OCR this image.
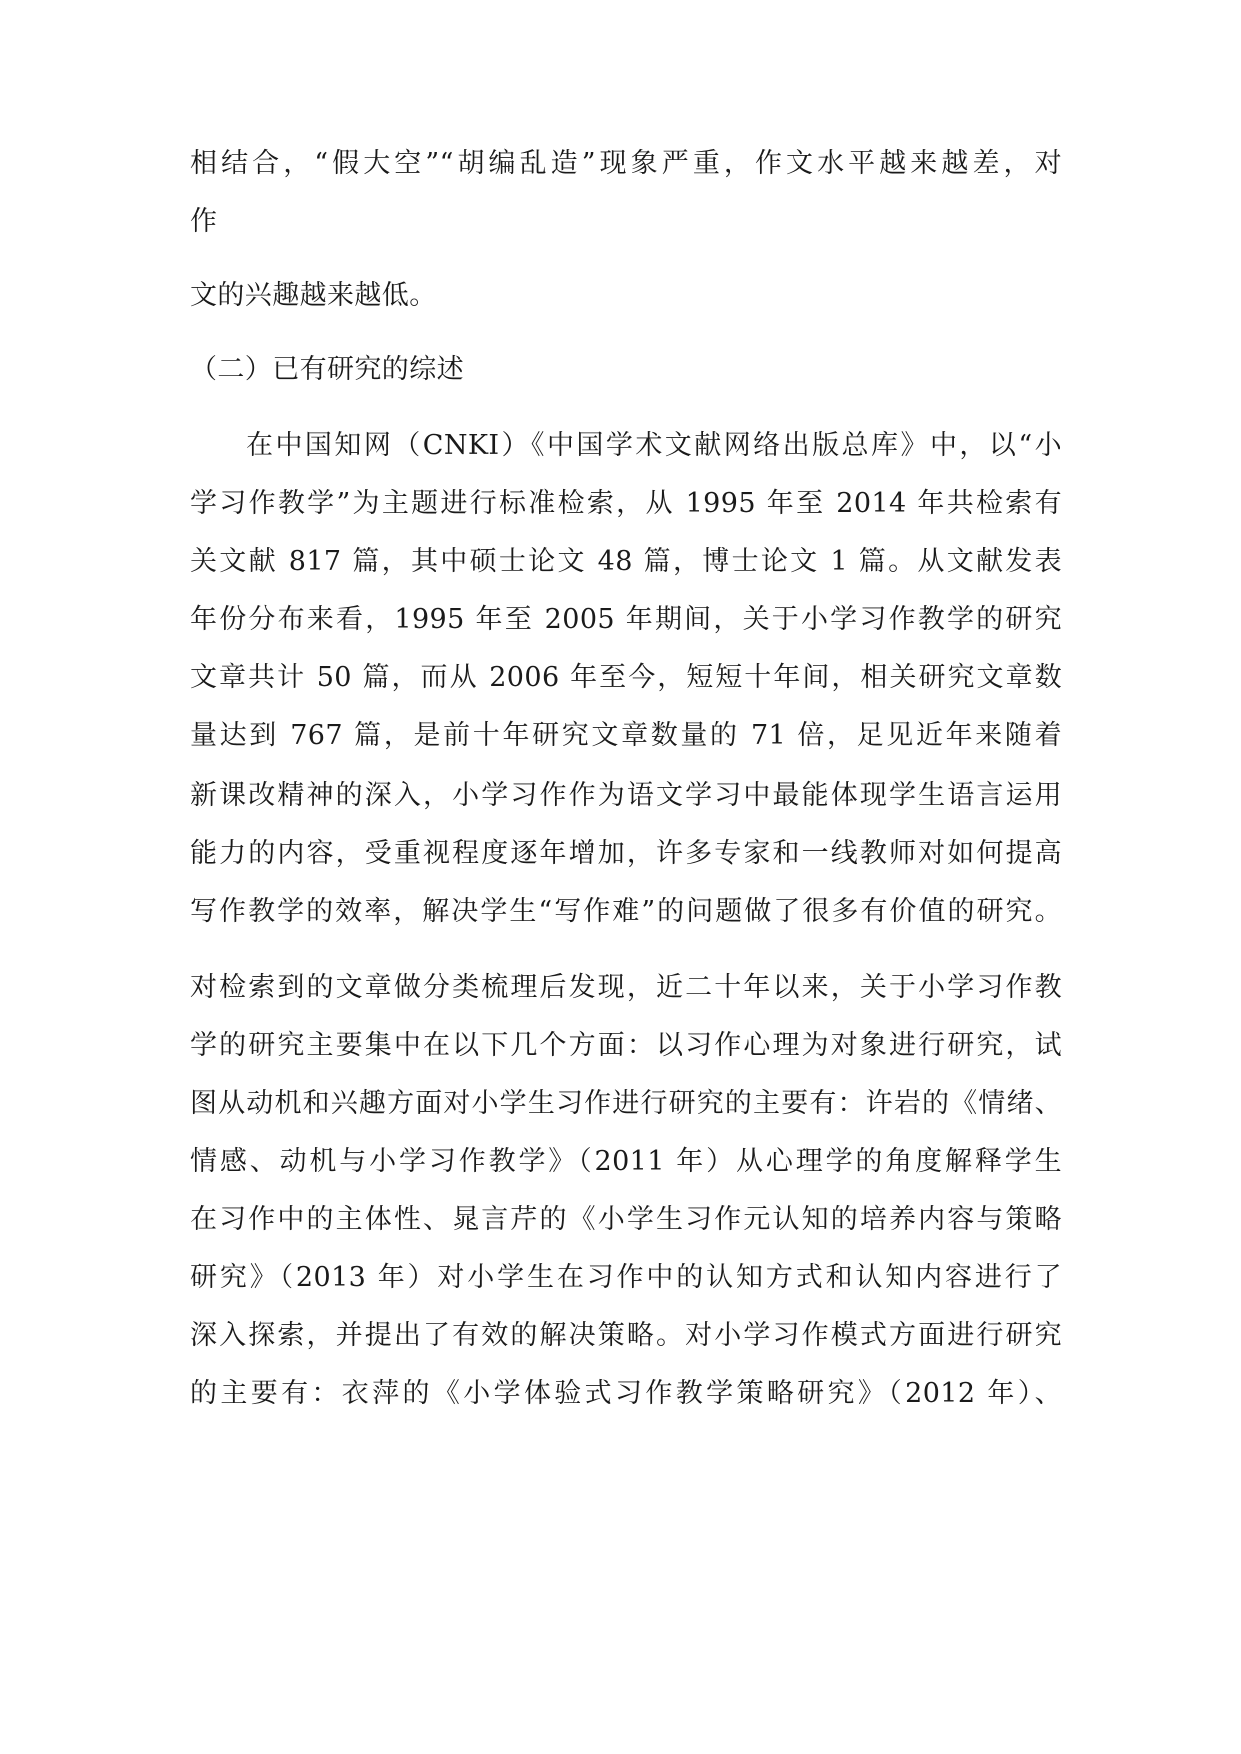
相结合，“假大空”“胡编乱造”现象严重，作文水平越来越差，对
作
文的兴趣越来越低。
（二）已有研究的综述
在中国知网（CNKI）《中国学术文献网络出版总库》中，以“小
学习作教学”为主题进行标准检索，从 1995 年至 2014 年共检索有
关文献 817 篇，其中硕士论文 48 篇，博士论文 1 篇。从文献发表
年份分布来看，1995 年至 2005 年期间，关于小学习作教学的研究
文章共计 50 篇，而从 2006 年至今，短短十年间，相关研究文章数
量达到 767 篇，是前十年研究文章数量的 71 倍，足见近年来随着
新课改精神的深入，小学习作作为语文学习中最能体现学生语言运用
能力的内容，受重视程度逐年增加，许多专家和一线教师对如何提高
写作教学的效率，解决学生“写作难”的问题做了很多有价值的研究。
对检索到的文章做分类梳理后发现，近二十年以来，关于小学习作教
学的研究主要集中在以下几个方面：以习作心理为对象进行研究，试
图从动机和兴趣方面对小学生习作进行研究的主要有：许岩的《情绪、
情感、动机与小学习作教学》（2011 年）从心理学的角度解释学生
在习作中的主体性、晁言芹的《小学生习作元认知的培养内容与策略
研究》（2013 年）对小学生在习作中的认知方式和认知内容进行了
深入探索，并提出了有效的解决策略。对小学习作模式方面进行研究
的主要有：衣萍的《小学体验式习作教学策略研究》（2012 年）、
